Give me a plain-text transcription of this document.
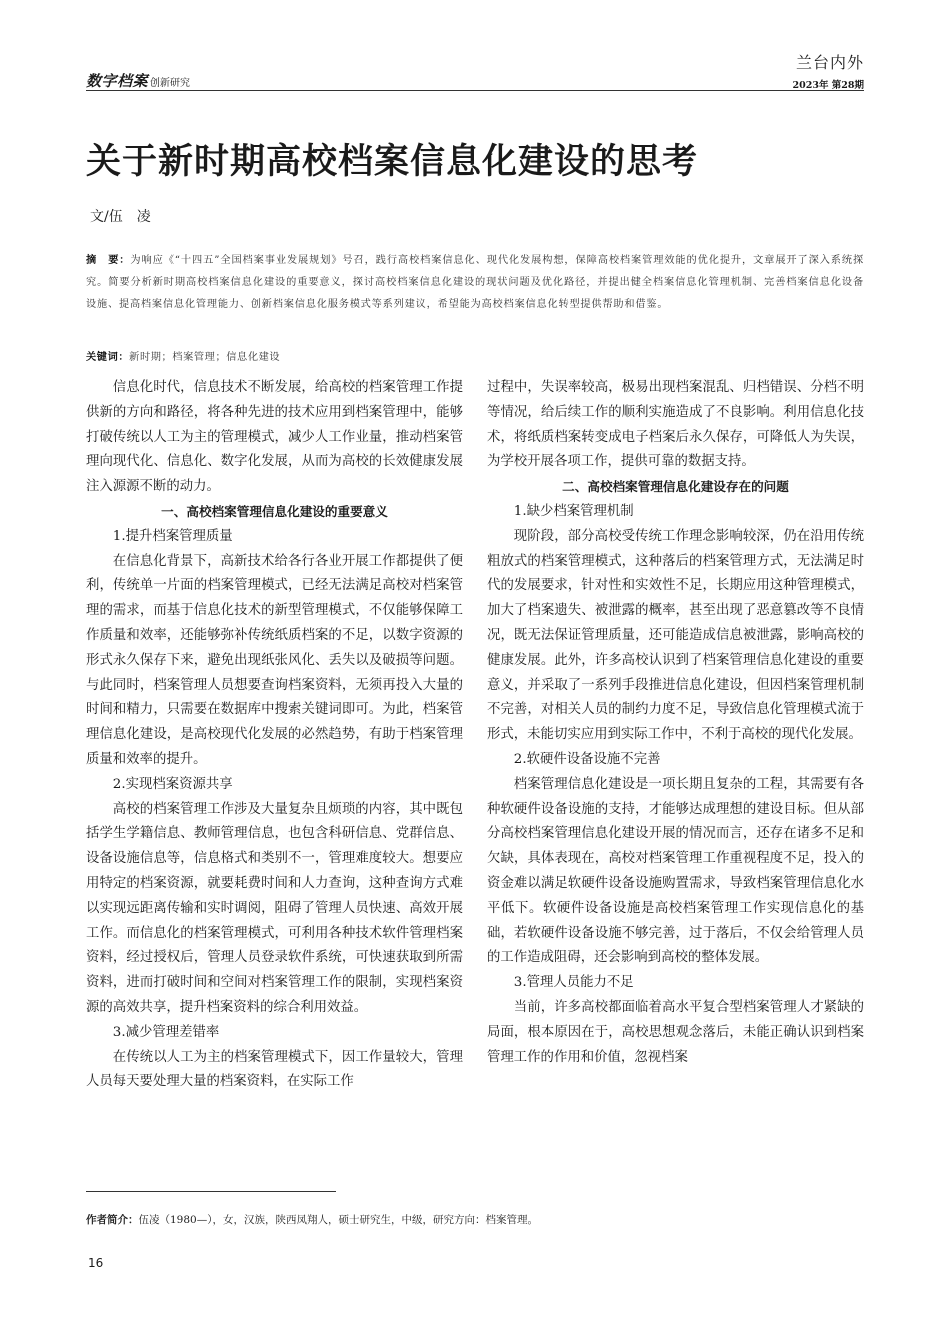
数字档案 创新研究
兰台内外
2023年 第28期
关于新时期高校档案信息化建设的思考
文/伍　凌
摘　要：为响应《“十四五”全国档案事业发展规划》号召，践行高校档案信息化、现代化发展构想，保障高校档案管理效能的优化提升，文章展开了深入系统探究。简要分析新时期高校档案信息化建设的重要意义，探讨高校档案信息化建设的现状问题及优化路径，并提出健全档案信息化管理机制、完善档案信息化设备设施、提高档案信息化管理能力、创新档案信息化服务模式等系列建议，希望能为高校档案信息化转型提供帮助和借鉴。
关键词：新时期；档案管理；信息化建设

信息化时代，信息技术不断发展，给高校的档案管理工作提供新的方向和路径，将各种先进的技术应用到档案管理中，能够打破传统以人工为主的管理模式，减少人工作业量，推动档案管理向现代化、信息化、数字化发展，从而为高校的长效健康发展注入源源不断的动力。

一、高校档案管理信息化建设的重要意义

1.提升档案管理质量

在信息化背景下，高新技术给各行各业开展工作都提供了便利，传统单一片面的档案管理模式，已经无法满足高校对档案管理的需求，而基于信息化技术的新型管理模式，不仅能够保障工作质量和效率，还能够弥补传统纸质档案的不足，以数字资源的形式永久保存下来，避免出现纸张风化、丢失以及破损等问题。与此同时，档案管理人员想要查询档案资料，无须再投入大量的时间和精力，只需要在数据库中搜索关键词即可。为此，档案管理信息化建设，是高校现代化发展的必然趋势，有助于档案管理质量和效率的提升。

2.实现档案资源共享

高校的档案管理工作涉及大量复杂且烦琐的内容，其中既包括学生学籍信息、教师管理信息，也包含科研信息、党群信息、设备设施信息等，信息格式和类别不一，管理难度较大。想要应用特定的档案资源，就要耗费时间和人力查询，这种查询方式难以实现远距离传输和实时调阅，阻碍了管理人员快速、高效开展工作。而信息化的档案管理模式，可利用各种技术软件管理档案资料，经过授权后，管理人员登录软件系统，可快速获取到所需资料，进而打破时间和空间对档案管理工作的限制，实现档案资源的高效共享，提升档案资料的综合利用效益。

3.减少管理差错率

在传统以人工为主的档案管理模式下，因工作量较大，管理人员每天要处理大量的档案资料，在实际工作

过程中，失误率较高，极易出现档案混乱、归档错误、分档不明等情况，给后续工作的顺利实施造成了不良影响。利用信息化技术，将纸质档案转变成电子档案后永久保存，可降低人为失误，为学校开展各项工作，提供可靠的数据支持。

二、高校档案管理信息化建设存在的问题

1.缺少档案管理机制

现阶段，部分高校受传统工作理念影响较深，仍在沿用传统粗放式的档案管理模式，这种落后的档案管理方式，无法满足时代的发展要求，针对性和实效性不足，长期应用这种管理模式，加大了档案遗失、被泄露的概率，甚至出现了恶意篡改等不良情况，既无法保证管理质量，还可能造成信息被泄露，影响高校的健康发展。此外，许多高校认识到了档案管理信息化建设的重要意义，并采取了一系列手段推进信息化建设，但因档案管理机制不完善，对相关人员的制约力度不足，导致信息化管理模式流于形式，未能切实应用到实际工作中，不利于高校的现代化发展。

2.软硬件设备设施不完善

档案管理信息化建设是一项长期且复杂的工程，其需要有各种软硬件设备设施的支持，才能够达成理想的建设目标。但从部分高校档案管理信息化建设开展的情况而言，还存在诸多不足和欠缺，具体表现在，高校对档案管理工作重视程度不足，投入的资金难以满足软硬件设备设施购置需求，导致档案管理信息化水平低下。软硬件设备设施是高校档案管理工作实现信息化的基础，若软硬件设备设施不够完善，过于落后，不仅会给管理人员的工作造成阻碍，还会影响到高校的整体发展。

3.管理人员能力不足

当前，许多高校都面临着高水平复合型档案管理人才紧缺的局面，根本原因在于，高校思想观念落后，未能正确认识到档案管理工作的作用和价值，忽视档案

作者简介：伍凌（1980—），女，汉族，陕西凤翔人，硕士研究生，中级，研究方向：档案管理。
16
